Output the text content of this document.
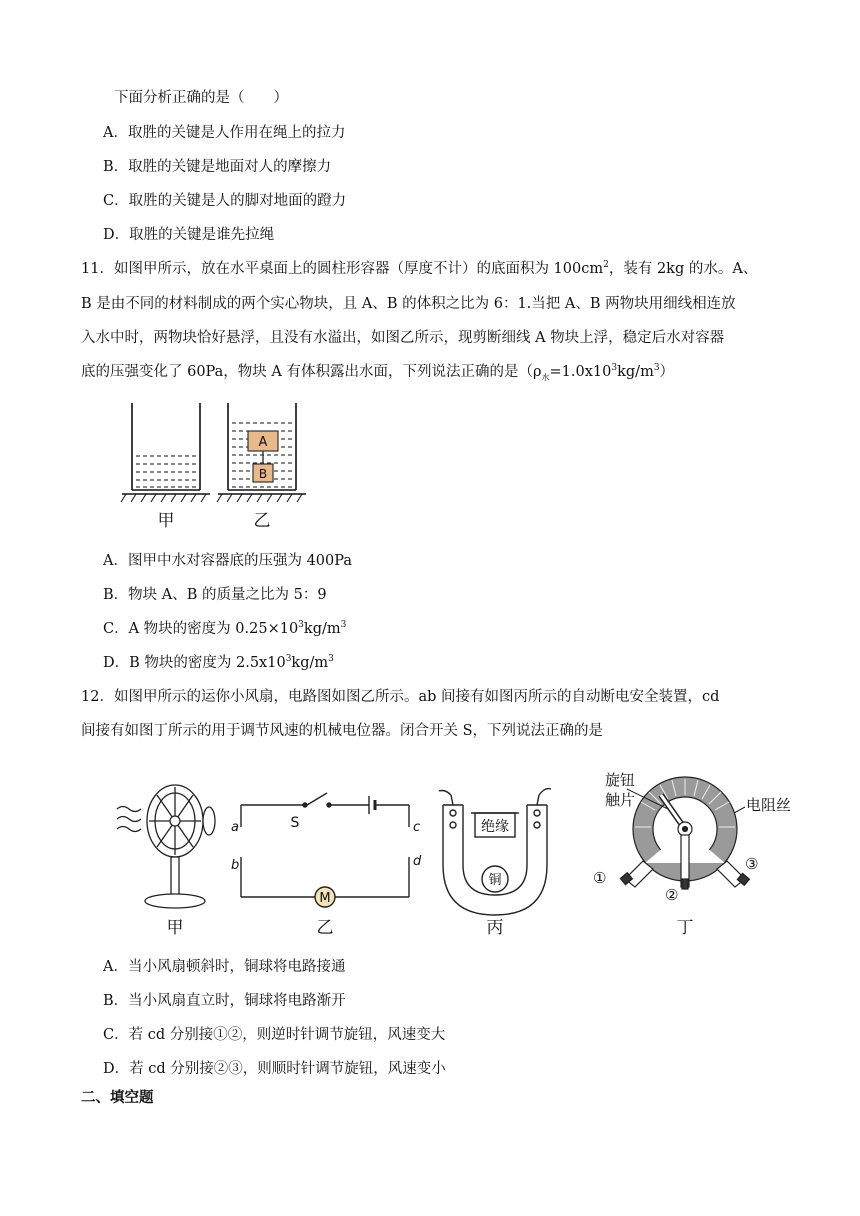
下面分析正确的是（　　）
A．取胜的关键是人作用在绳上的拉力
B．取胜的关键是地面对人的摩擦力
C．取胜的关键是人的脚对地面的蹬力
D．取胜的关键是谁先拉绳
11．如图甲所示，放在水平桌面上的圆柱形容器（厚度不计）的底面积为 $100cm^2$，装有 2kg 的水。A、
B 是由不同的材料制成的两个实心物块，且 A、B 的体积之比为 6：1.当把 A、B 两物块用细线相连放
入水中时，两物块恰好悬浮，且没有水溢出，如图乙所示，现剪断细线 A 物块上浮，稳定后水对容器
底的压强变化了 60Pa，物块 A 有体积露出水面，下列说法正确的是$(\rho_水=1.0x10^3kg/m^3)$
甲
A
B
乙
A．图甲中水对容器底的压强为 400Pa
B．物块 A、B 的质量之比为 5：9
C．A 物块的密度为 $0.25\times 10^3kg/m^3$
D．B 物块的密度为 $2.5x10^3kg/m^3$
12．如图甲所示的运你小风扇，电路图如图乙所示。ab 间接有如图丙所示的自动断电安全装置，cd
间接有如图丁所示的用于调节风速的机械电位器。闭合开关 S，下列说法正确的是
甲
M
S
a
b
c
d
乙
绝缘
铜
丙
旋钮
触片	电阻丝
①
②
③
丁
A．当小风扇顿斜时，铜球将电路接通
B．当小风扇直立时，铜球将电路渐开
C．若 cd 分别接①②，则逆时针调节旋钮，风速变大
D．若 cd 分别接②③，则顺时针调节旋钮，风速变小
二、填空题
